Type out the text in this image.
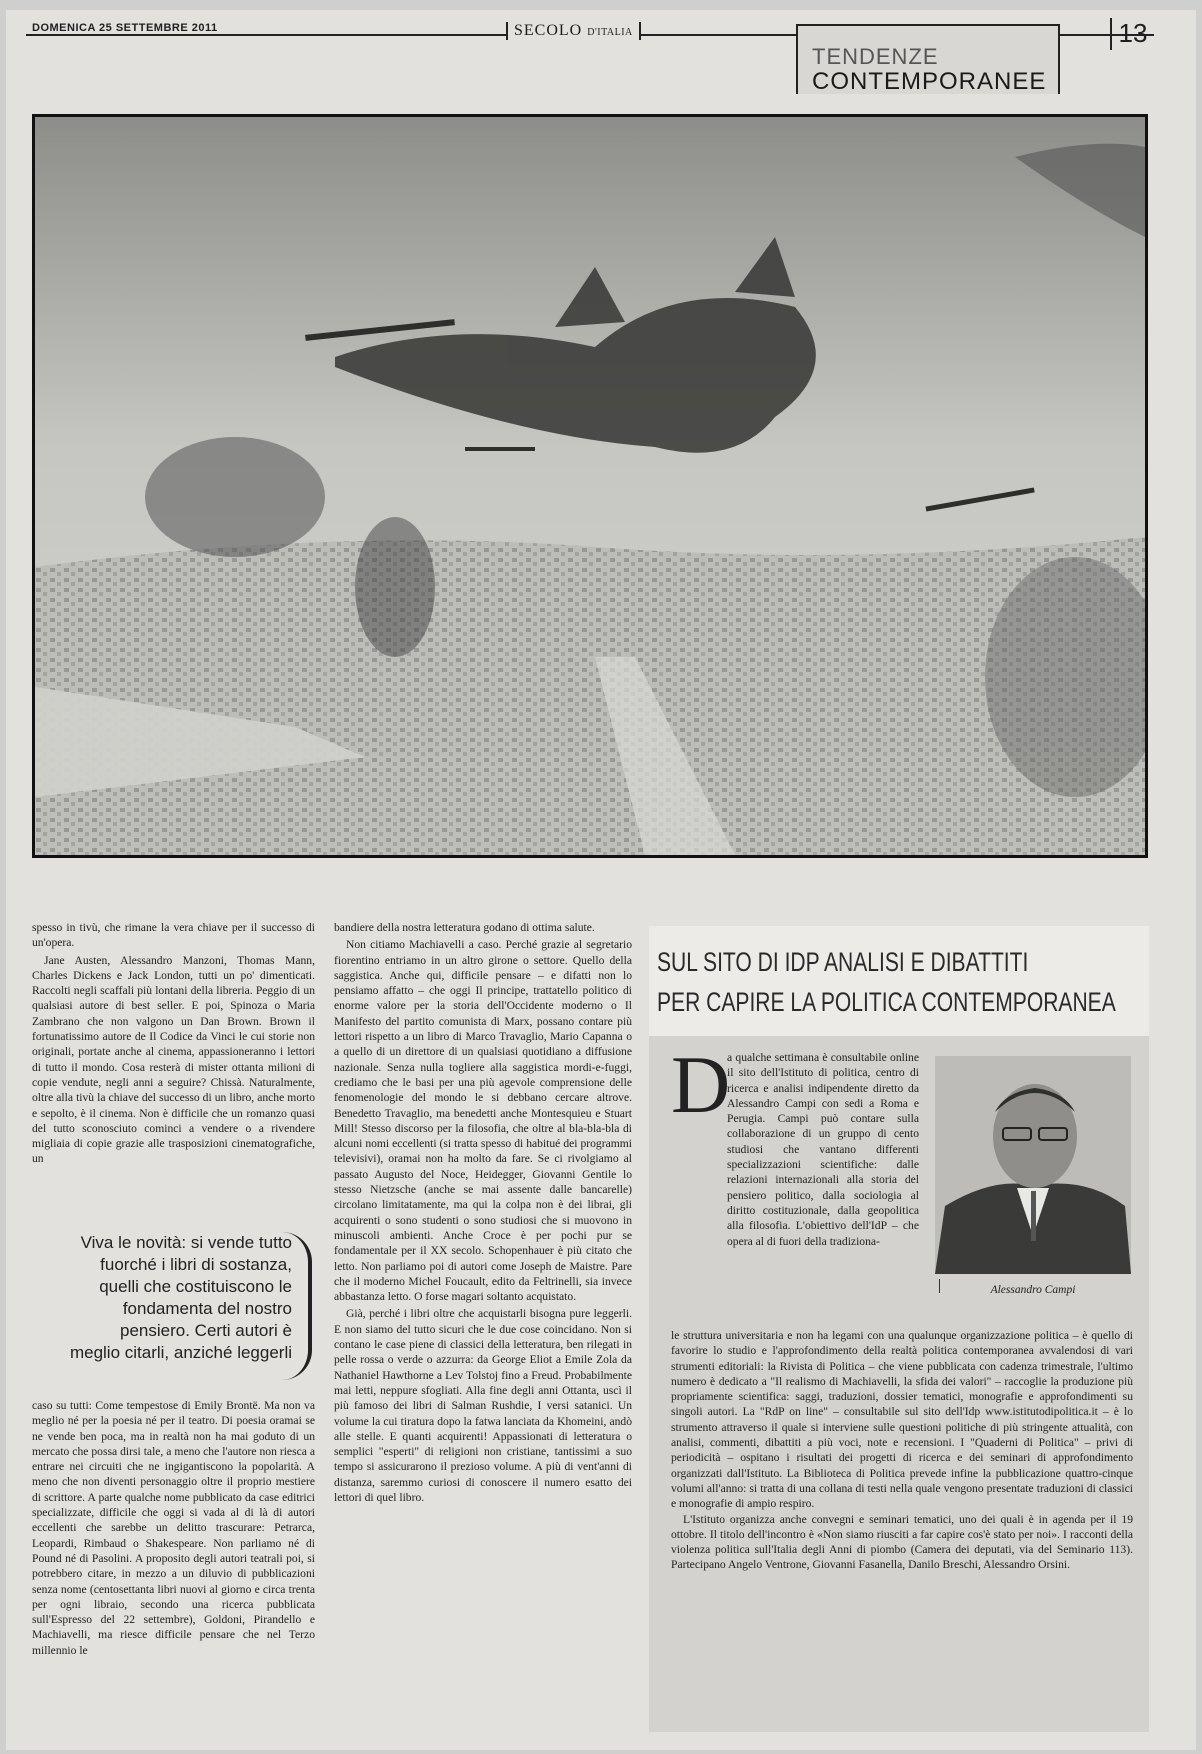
DOMENICA 25 SETTEMBRE 2011	SECOLO D'ITALIA
TENDENZE
CONTEMPORANEE
13

spesso in tivù, che rimane la vera chiave per il successo di un'opera.

Jane Austen, Alessandro Manzoni, Thomas Mann, Charles Dickens e Jack London, tutti un po' dimenticati. Raccolti negli scaffali più lontani della libreria. Peggio di un qualsiasi autore di best seller. E poi, Spinoza o Maria Zambrano che non valgono un Dan Brown. Brown il fortunatissimo autore de Il Codice da Vinci le cui storie non originali, portate anche al cinema, appassioneranno i lettori di tutto il mondo. Cosa resterà di mister ottanta milioni di copie vendute, negli anni a seguire? Chissà. Naturalmente, oltre alla tivù la chiave del successo di un libro, anche morto e sepolto, è il cinema. Non è difficile che un romanzo quasi del tutto sconosciuto cominci a vendere o a rivendere migliaia di copie grazie alle trasposizioni cinematografiche, un

Viva le novità: si vende tutto fuorché i libri di sostanza, quelli che costituiscono le fondamenta del nostro pensiero. Certi autori è meglio citarli, anziché leggerli

caso su tutti: Come tempestose di Emily Brontë. Ma non va meglio né per la poesia né per il teatro. Di poesia oramai se ne vende ben poca, ma in realtà non ha mai goduto di un mercato che possa dirsi tale, a meno che l'autore non riesca a entrare nei circuiti che ne ingigantiscono la popolarità. A meno che non diventi personaggio oltre il proprio mestiere di scrittore. A parte qualche nome pubblicato da case editrici specializzate, difficile che oggi si vada al di là di autori eccellenti che sarebbe un delitto trascurare: Petrarca, Leopardi, Rimbaud o Shakespeare. Non parliamo né di Pound né di Pasolini. A proposito degli autori teatrali poi, si potrebbero citare, in mezzo a un diluvio di pubblicazioni senza nome (centosettanta libri nuovi al giorno e circa trenta per ogni libraio, secondo una ricerca pubblicata sull'Espresso del 22 settembre), Goldoni, Pirandello e Machiavelli, ma riesce difficile pensare che nel Terzo millennio le

bandiere della nostra letteratura godano di ottima salute.

Non citiamo Machiavelli a caso. Perché grazie al segretario fiorentino entriamo in un altro girone o settore. Quello della saggistica. Anche qui, difficile pensare – e difatti non lo pensiamo affatto – che oggi Il principe, trattatello politico di enorme valore per la storia dell'Occidente moderno o Il Manifesto del partito comunista di Marx, possano contare più lettori rispetto a un libro di Marco Travaglio, Mario Capanna o a quello di un direttore di un qualsiasi quotidiano a diffusione nazionale. Senza nulla togliere alla saggistica mordi-e-fuggi, crediamo che le basi per una più agevole comprensione delle fenomenologie del mondo le si debbano cercare altrove. Benedetto Travaglio, ma benedetti anche Montesquieu e Stuart Mill! Stesso discorso per la filosofia, che oltre al bla-bla-bla di alcuni nomi eccellenti (si tratta spesso di habitué dei programmi televisivi), oramai non ha molto da fare. Se ci rivolgiamo al passato Augusto del Noce, Heidegger, Giovanni Gentile lo stesso Nietzsche (anche se mai assente dalle bancarelle) circolano limitatamente, ma qui la colpa non è dei librai, gli acquirenti o sono studenti o sono studiosi che si muovono in minuscoli ambienti. Anche Croce è per pochi pur se fondamentale per il XX secolo. Schopenhauer è più citato che letto. Non parliamo poi di autori come Joseph de Maistre. Pare che il moderno Michel Foucault, edito da Feltrinelli, sia invece abbastanza letto. O forse magari soltanto acquistato.

Già, perché i libri oltre che acquistarli bisogna pure leggerli. E non siamo del tutto sicuri che le due cose coincidano. Non si contano le case piene di classici della letteratura, ben rilegati in pelle rossa o verde o azzurra: da George Eliot a Emile Zola da Nathaniel Hawthorne a Lev Tolstoj fino a Freud. Probabilmente mai letti, neppure sfogliati. Alla fine degli anni Ottanta, uscì il più famoso dei libri di Salman Rushdie, I versi satanici. Un volume la cui tiratura dopo la fatwa lanciata da Khomeini, andò alle stelle. E quanti acquirenti! Appassionati di letteratura o semplici "esperti" di religioni non cristiane, tantissimi a suo tempo si assicurarono il prezioso volume. A più di vent'anni di distanza, saremmo curiosi di conoscere il numero esatto dei lettori di quel libro.

SUL SITO DI IDP ANALISI E DIBATTITI
PER CAPIRE LA POLITICA CONTEMPORANEA
D
a qualche settimana è consultabile online il sito dell'Istituto di politica, centro di ricerca e analisi indipendente diretto da Alessandro Campi con sedi a Roma e Perugia. Campi può contare sulla collaborazione di un gruppo di cento studiosi che vantano differenti specializzazioni scientifiche: dalle relazioni internazionali alla storia del pensiero politico, dalla sociologia al diritto costituzionale, dalla geopolitica alla filosofia. L'obiettivo dell'IdP – che opera al di fuori della tradiziona-
Alessandro Campi

le struttura universitaria e non ha legami con una qualunque organizzazione politica – è quello di favorire lo studio e l'approfondimento della realtà politica contemporanea avvalendosi di vari strumenti editoriali: la Rivista di Politica – che viene pubblicata con cadenza trimestrale, l'ultimo numero è dedicato a "Il realismo di Machiavelli, la sfida dei valori" – raccoglie la produzione più propriamente scientifica: saggi, traduzioni, dossier tematici, monografie e approfondimenti su singoli autori. La "RdP on line" – consultabile sul sito dell'Idp www.istitutodipolitica.it – è lo strumento attraverso il quale si interviene sulle questioni politiche di più stringente attualità, con analisi, commenti, dibattiti a più voci, note e recensioni. I "Quaderni di Politica" – privi di periodicità – ospitano i risultati dei progetti di ricerca e dei seminari di approfondimento organizzati dall'Istituto. La Biblioteca di Politica prevede infine la pubblicazione quattro-cinque volumi all'anno: si tratta di una collana di testi nella quale vengono presentate traduzioni di classici e monografie di ampio respiro.

L'Istituto organizza anche convegni e seminari tematici, uno dei quali è in agenda per il 19 ottobre. Il titolo dell'incontro è «Non siamo riusciti a far capire cos'è stato per noi». I racconti della violenza politica sull'Italia degli Anni di piombo (Camera dei deputati, via del Seminario 113). Partecipano Angelo Ventrone, Giovanni Fasanella, Danilo Breschi, Alessandro Orsini.
